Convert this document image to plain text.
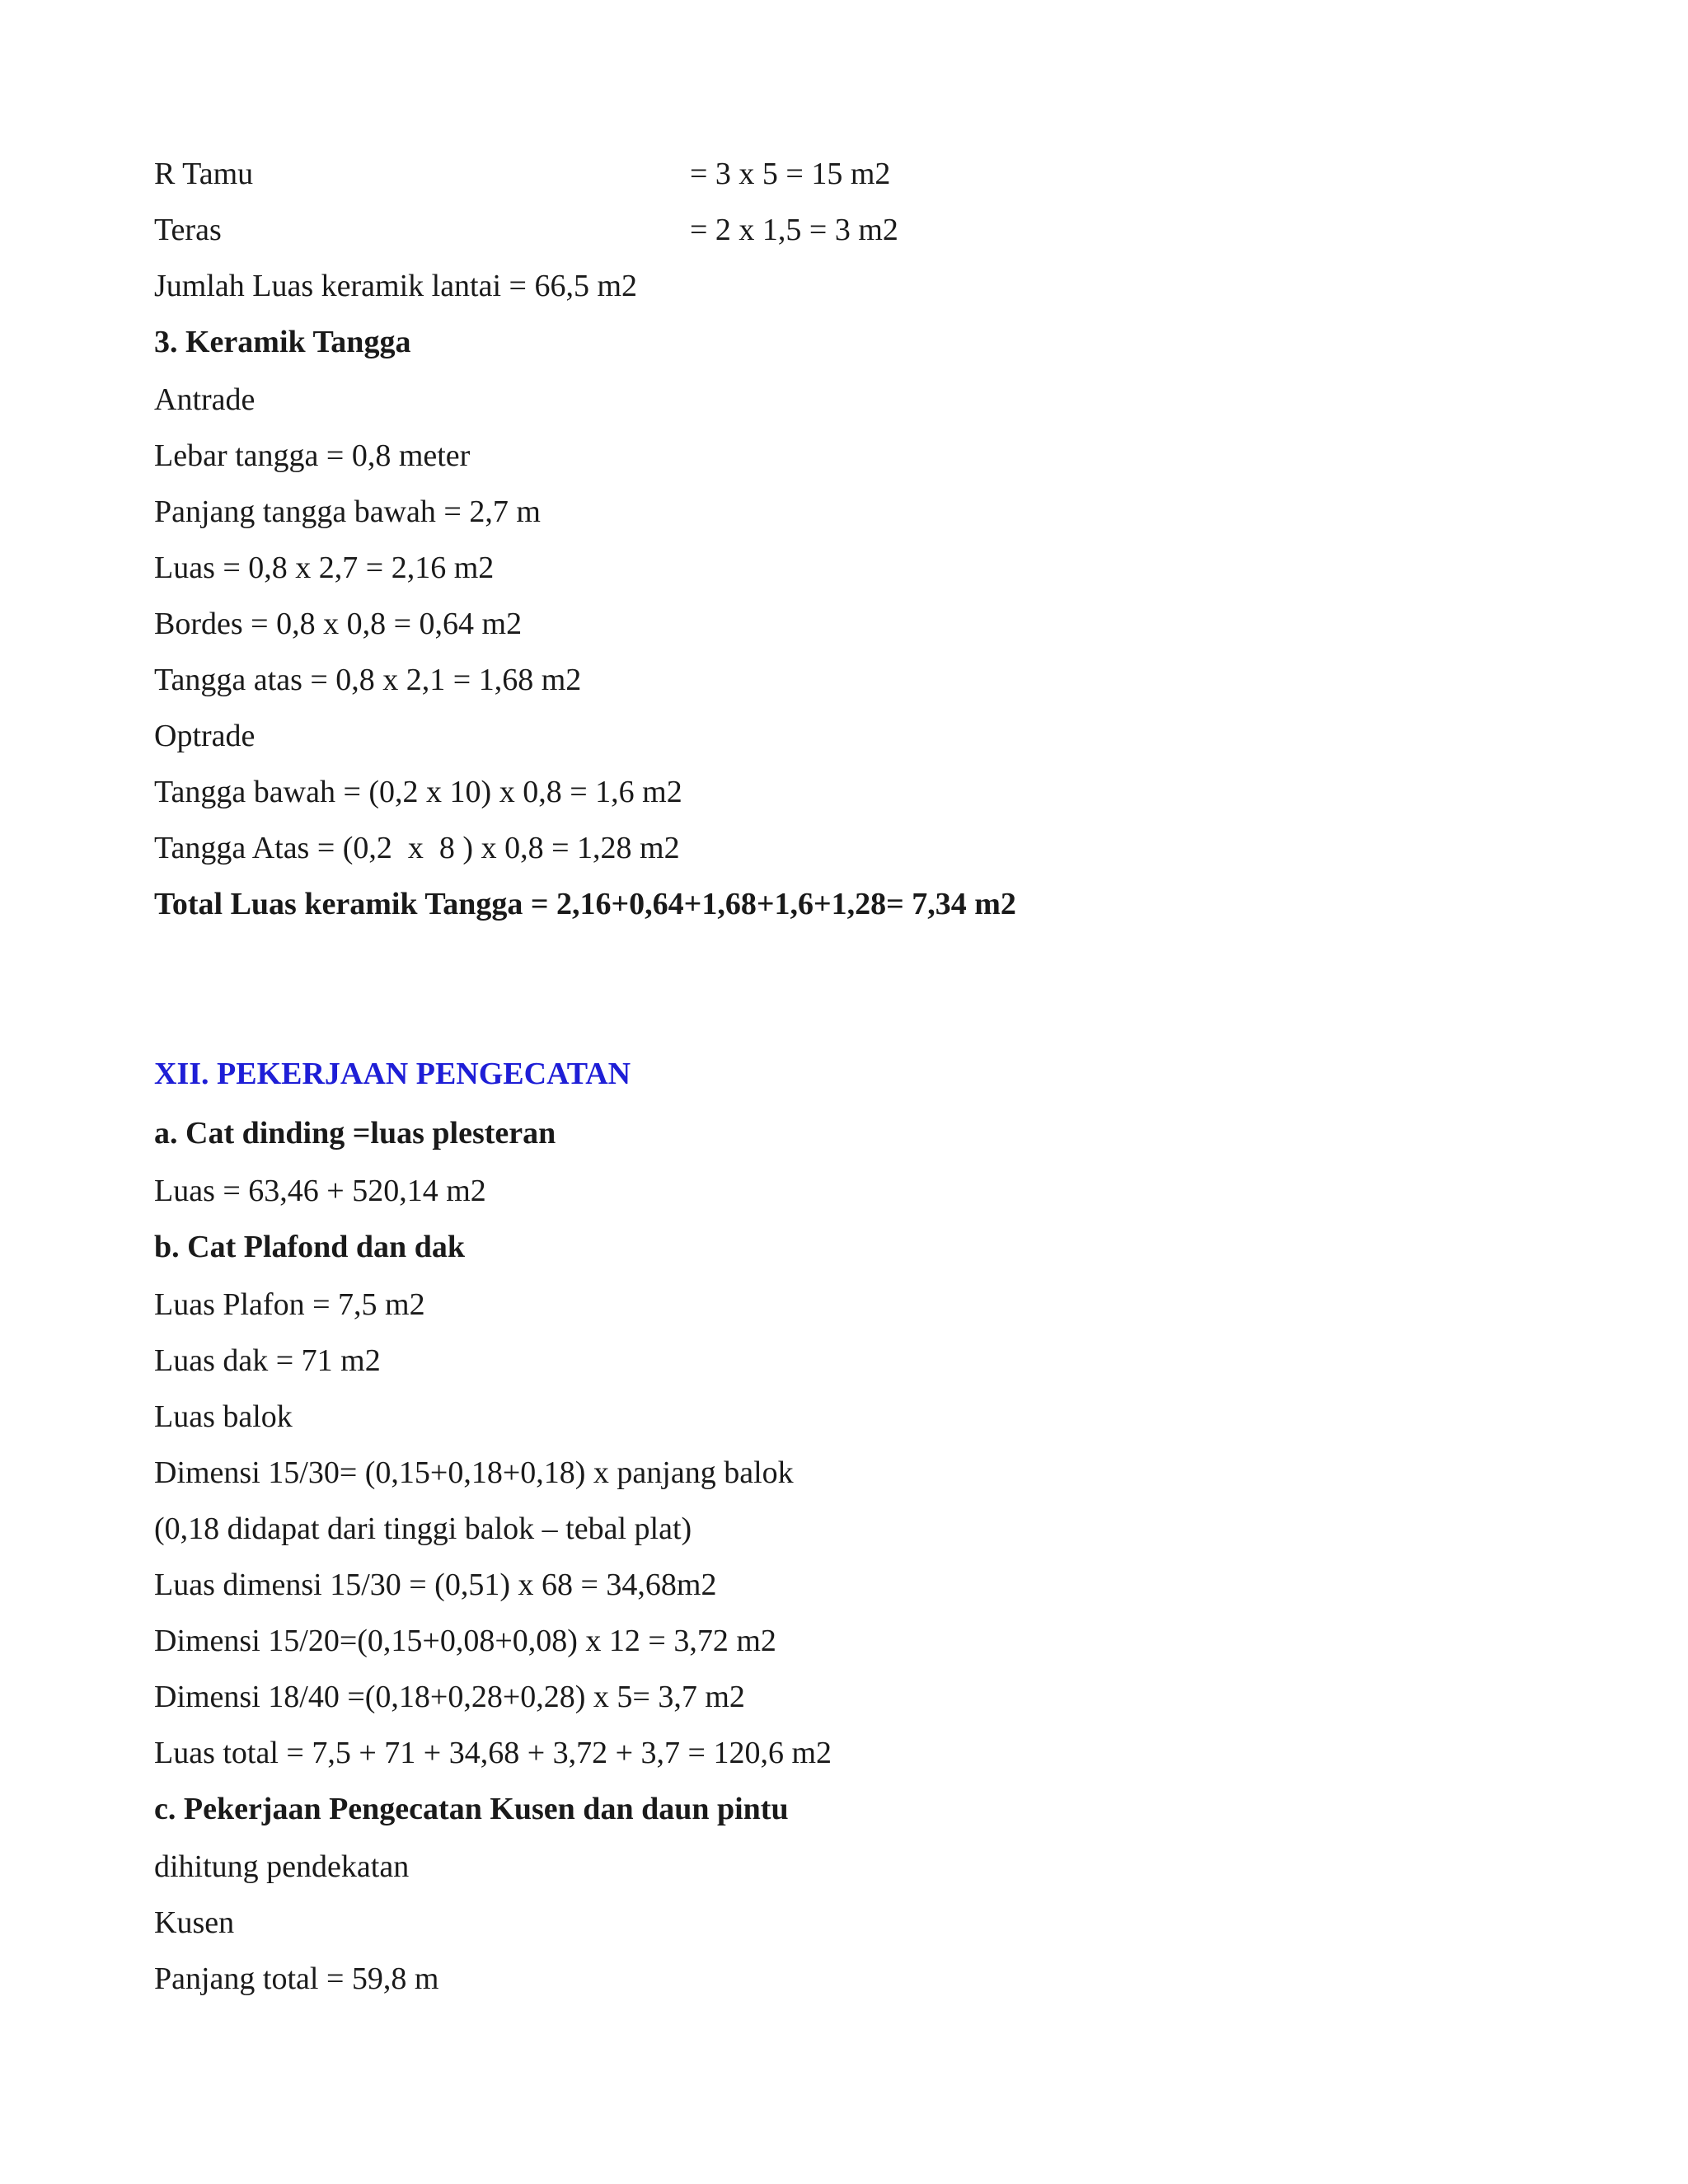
R Tamu	= 3 x 5 = 15 m2
Teras	= 2 x 1,5 = 3 m2
Jumlah Luas keramik lantai = 66,5 m2
3. Keramik Tangga
Antrade
Lebar tangga = 0,8 meter
Panjang tangga bawah = 2,7 m
Luas = 0,8 x 2,7 = 2,16 m2
Bordes = 0,8 x 0,8 = 0,64 m2
Tangga atas = 0,8 x 2,1 = 1,68 m2
Optrade
Tangga bawah = (0,2 x 10) x 0,8 = 1,6 m2
Tangga Atas = (0,2  x  8 ) x 0,8 = 1,28 m2
Total Luas keramik Tangga = 2,16+0,64+1,68+1,6+1,28= 7,34 m2
XII. PEKERJAAN PENGECATAN
a. Cat dinding =luas plesteran
Luas = 63,46 + 520,14 m2
b. Cat Plafond dan dak
Luas Plafon = 7,5 m2
Luas dak = 71 m2
Luas balok
Dimensi 15/30= (0,15+0,18+0,18) x panjang balok
(0,18 didapat dari tinggi balok – tebal plat)
Luas dimensi 15/30 = (0,51) x 68 = 34,68m2
Dimensi 15/20=(0,15+0,08+0,08) x 12 = 3,72 m2
Dimensi 18/40 =(0,18+0,28+0,28) x 5= 3,7 m2
Luas total = 7,5 + 71 + 34,68 + 3,72 + 3,7 = 120,6 m2
c. Pekerjaan Pengecatan Kusen dan daun pintu
dihitung pendekatan
Kusen
Panjang total = 59,8 m
